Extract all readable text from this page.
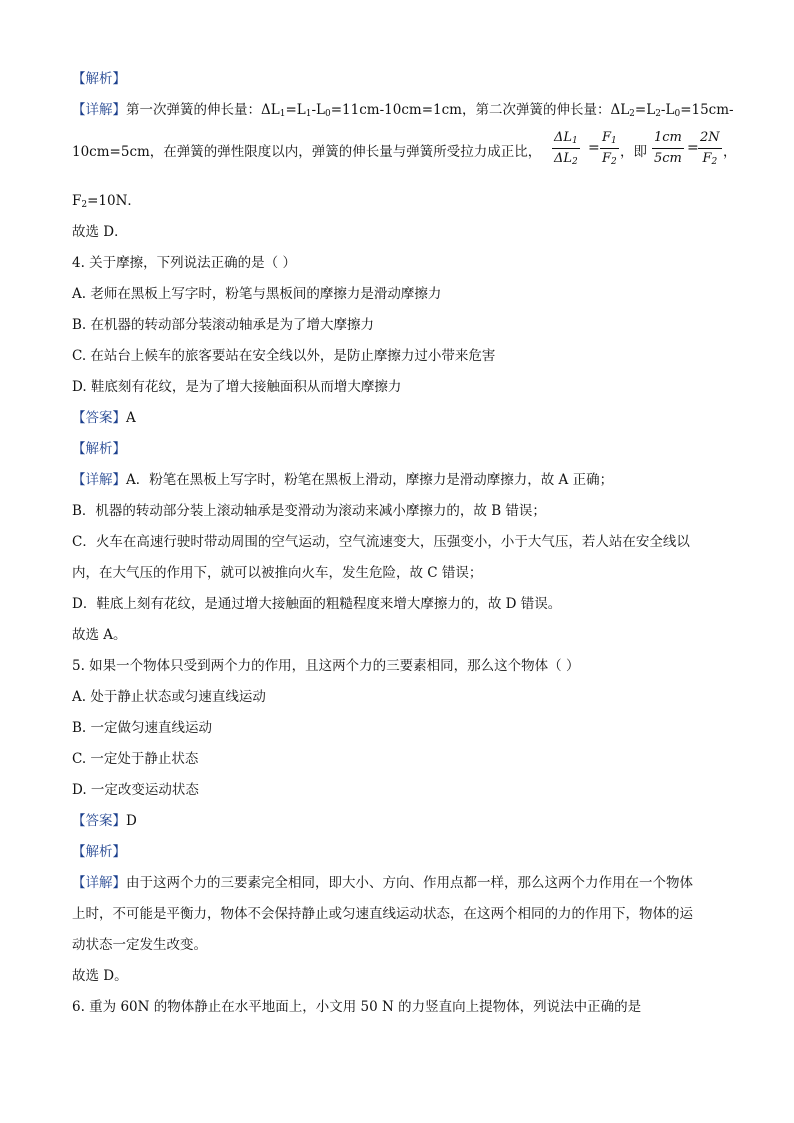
【解析】
【详解】第一次弹簧的伸长量：$\Delta L_1=L_1-L_0=11cm-10cm=1cm$，第二次弹簧的伸长量：$\Delta L_2=L_2-L_0=15cm-$
10cm=5cm，在弹簧的弹性限度以内，弹簧的伸长量与弹簧所受拉力成正比，
$\Delta L_1$
$\Delta L_2$
=
$F_1$
$F_2$
，即
1cm
5cm
=
2N
$F_2$
，
$F_2=10N$．
故选 D．
4. 关于摩擦，下列说法正确的是（ ）
A. 老师在黑板上写字时，粉笔与黑板间的摩擦力是滑动摩擦力
B. 在机器的转动部分装滚动轴承是为了增大摩擦力
C. 在站台上候车的旅客要站在安全线以外，是防止摩擦力过小带来危害
D. 鞋底刻有花纹，是为了增大接触面积从而增大摩擦力
【答案】A
【解析】
【详解】A．粉笔在黑板上写字时，粉笔在黑板上滑动，摩擦力是滑动摩擦力，故 A 正确；
B．机器的转动部分装上滚动轴承是变滑动为滚动来减小摩擦力的，故 B 错误；
C．火车在高速行驶时带动周围的空气运动，空气流速变大，压强变小，小于大气压，若人站在安全线以
内，在大气压的作用下，就可以被推向火车，发生危险，故 C 错误；
D．鞋底上刻有花纹，是通过增大接触面的粗糙程度来增大摩擦力的，故 D 错误。
故选 A。
5. 如果一个物体只受到两个力的作用，且这两个力的三要素相同，那么这个物体（ ）
A. 处于静止状态或匀速直线运动
B. 一定做匀速直线运动
C. 一定处于静止状态
D. 一定改变运动状态
【答案】D
【解析】
【详解】由于这两个力的三要素完全相同，即大小、方向、作用点都一样，那么这两个力作用在一个物体
上时，不可能是平衡力，物体不会保持静止或匀速直线运动状态，在这两个相同的力的作用下，物体的运
动状态一定发生改变。
故选 D。
6. 重为 60N 的物体静止在水平地面上，小文用 50 N 的力竖直向上提物体，列说法中正确的是
